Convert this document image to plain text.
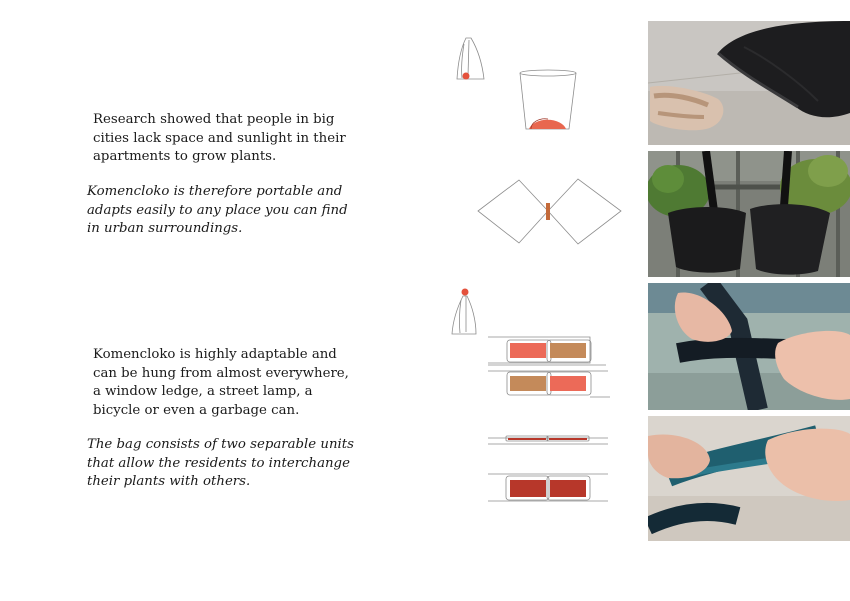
Research showed that people in big cities lack space and sunlight in their apartments to grow plants.

Komencloko is therefore portable and adapts easily to any place you can find in urban surroundings.

Komencloko is highly adaptable and can be hung from almost everywhere, a window ledge, a street lamp, a bicycle or even a garbage can.

The bag consists of two separable units that allow the residents to interchange their plants with others.
